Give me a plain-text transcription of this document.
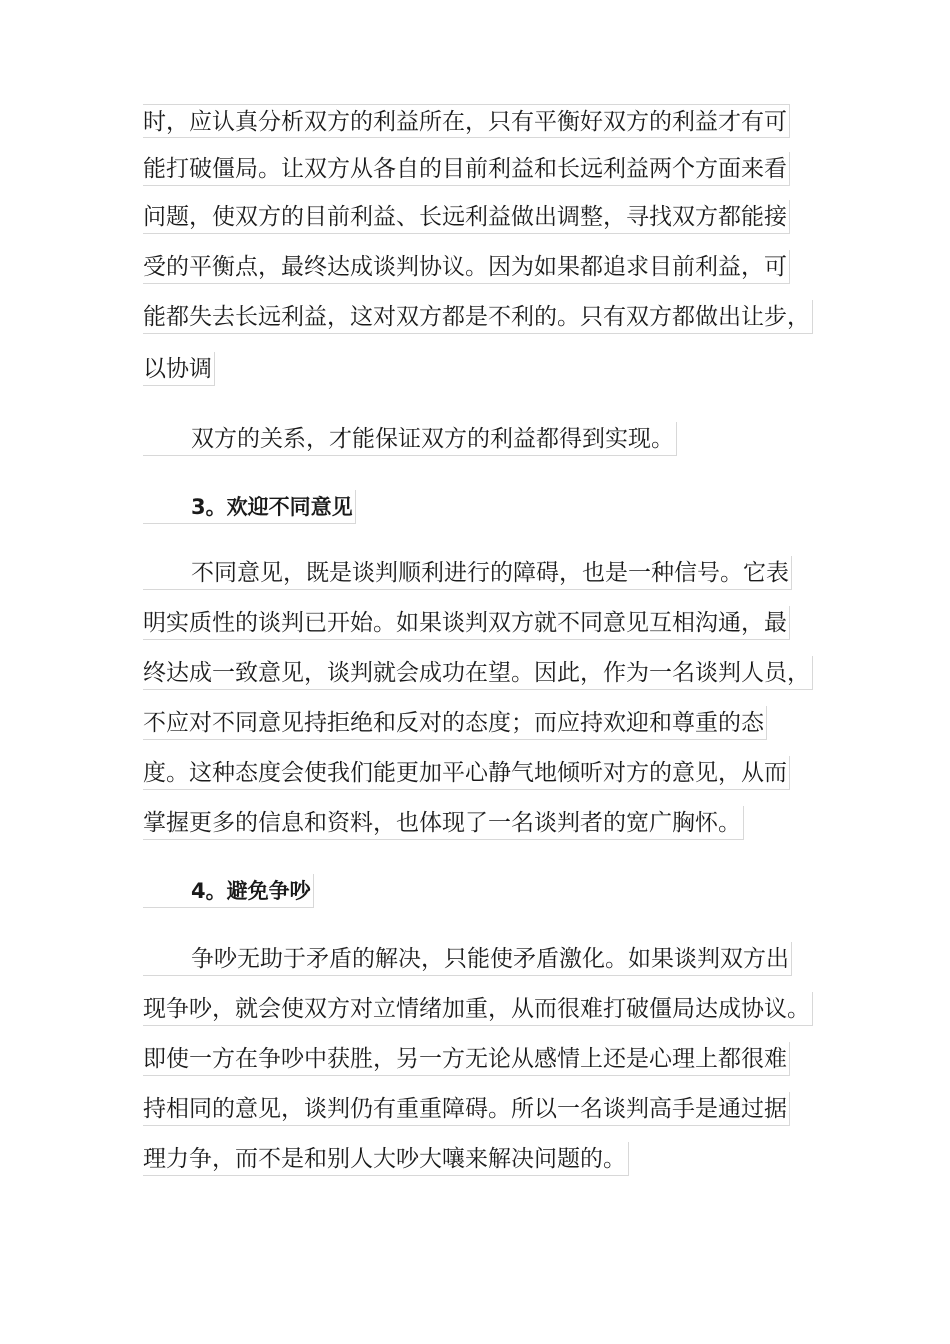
时，应认真分析双方的利益所在，只有平衡好双方的利益才有可
能打破僵局。让双方从各自的目前利益和长远利益两个方面来看
问题，使双方的目前利益、长远利益做出调整，寻找双方都能接
受的平衡点，最终达成谈判协议。因为如果都追求目前利益，可
能都失去长远利益，这对双方都是不利的。只有双方都做出让步，
以协调
双方的关系，才能保证双方的利益都得到实现。
3。欢迎不同意见
不同意见，既是谈判顺利进行的障碍，也是一种信号。它表
明实质性的谈判已开始。如果谈判双方就不同意见互相沟通，最
终达成一致意见，谈判就会成功在望。因此，作为一名谈判人员，
不应对不同意见持拒绝和反对的态度；而应持欢迎和尊重的态
度。这种态度会使我们能更加平心静气地倾听对方的意见，从而
掌握更多的信息和资料，也体现了一名谈判者的宽广胸怀。
4。避免争吵
争吵无助于矛盾的解决，只能使矛盾激化。如果谈判双方出
现争吵，就会使双方对立情绪加重，从而很难打破僵局达成协议。
即使一方在争吵中获胜，另一方无论从感情上还是心理上都很难
持相同的意见，谈判仍有重重障碍。所以一名谈判高手是通过据
理力争，而不是和别人大吵大嚷来解决问题的。
